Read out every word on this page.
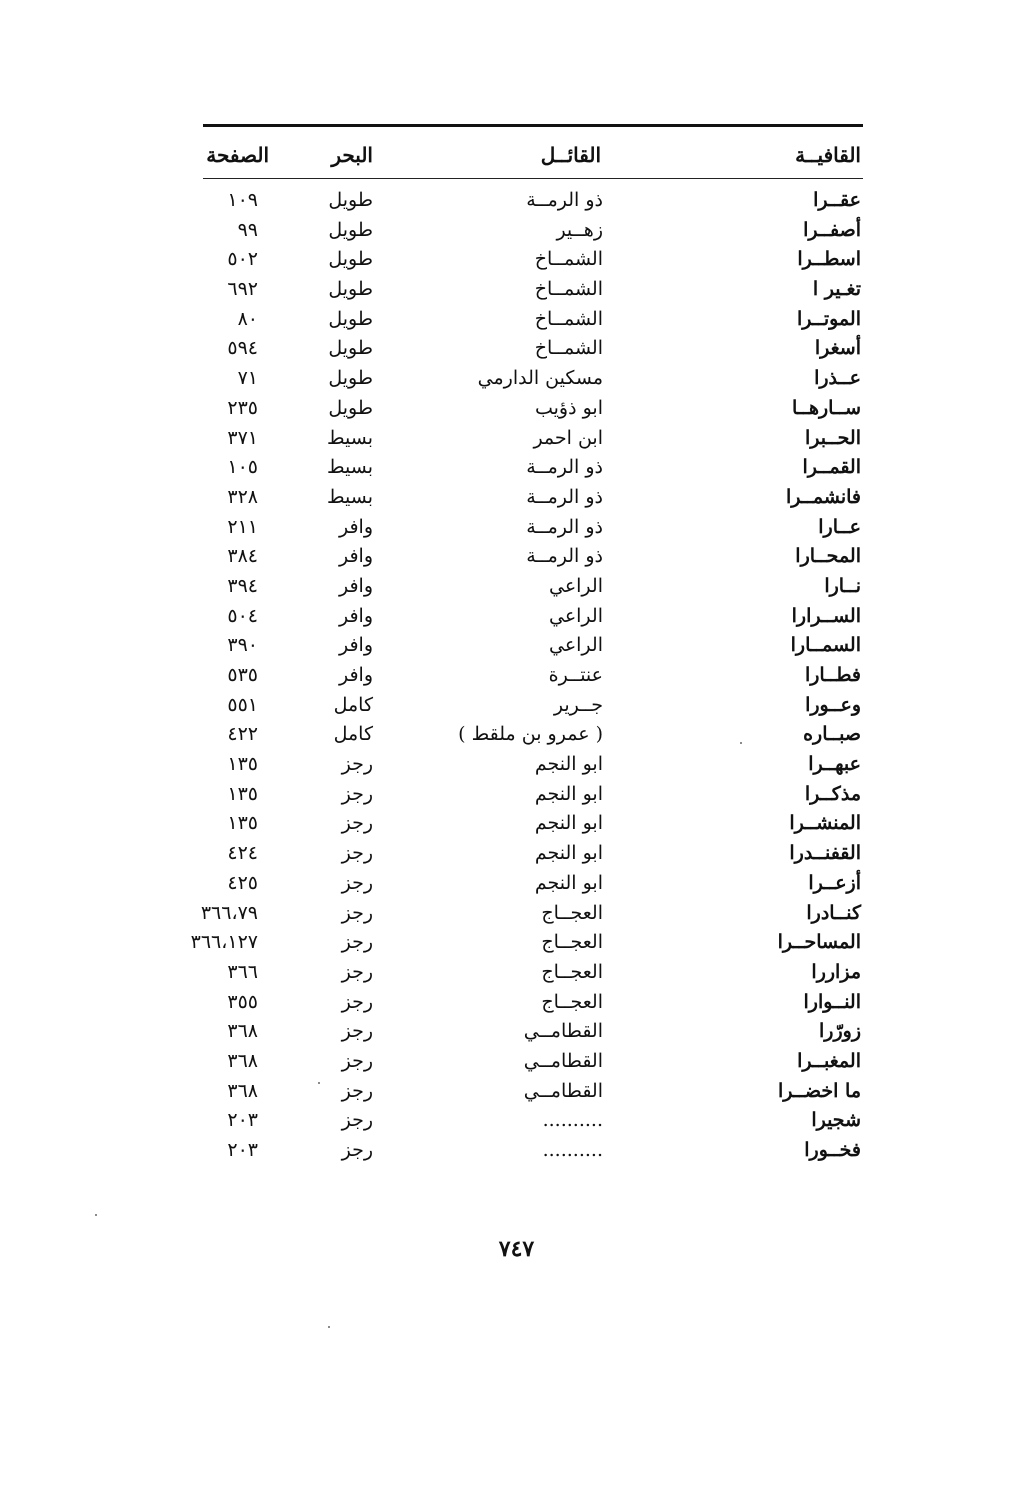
القافيــة
القائــل
البحر
الصفحة
عقــرا
ذو الرمــة
طويل
١٠٩
أصفــرا
زهــير
طويل
٩٩
اسطــرا
الشمــاخ
طويل
٥٠٢
تغـير ا
الشمــاخ
طويل
٦٩٢
الموتــرا
الشمــاخ
طويل
٨٠
أسغرا
الشمــاخ
طويل
٥٩٤
عــذرا
مسكين الدارمي
طويل
٧١
ســارهــا
ابو ذؤيب
طويل
٢٣٥
الحــبرا
ابن احمر
بسيط
٣٧١
القمــرا
ذو الرمــة
بسيط
١٠٥
فانشمــرا
ذو الرمــة
بسيط
٣٢٨
عــارا
ذو الرمــة
وافر
٢١١
المحــارا
ذو الرمــة
وافر
٣٨٤
نــارا
الراعي
وافر
٣٩٤
الســرارا
الراعي
وافر
٥٠٤
السمــارا
الراعي
وافر
٣٩٠
فطــارا
عنتــرة
وافر
٥٣٥
وعــورا
جــرير
كامل
٥٥١
صبــاره
( عمرو بن ملقط )
كامل
٤٢٢
عبهــرا
ابو النجم
رجز
١٣٥
مذكــرا
ابو النجم
رجز
١٣٥
المنشــرا
ابو النجم
رجز
١٣٥
القفنــدرا
ابو النجم
رجز
٤٢٤
أزعــرا
ابو النجم
رجز
٤٢٥
كنــادرا
العجــاج
رجز
٣٦٦،٧٩
المساحــرا
العجــاج
رجز
٣٦٦،١٢٧
مزاررا
العجــاج
رجز
٣٦٦
النــوارا
العجــاج
رجز
٣٥٥
زورّرا
القطامــي
رجز
٣٦٨
المغبــرا
القطامــي
رجز
٣٦٨
ما اخضــرا
القطامــي
رجز
٣٦٨
شجيرا
..........
رجز
٢٠٣
فخــورا
..........
رجز
٢٠٣
٧٤٧
